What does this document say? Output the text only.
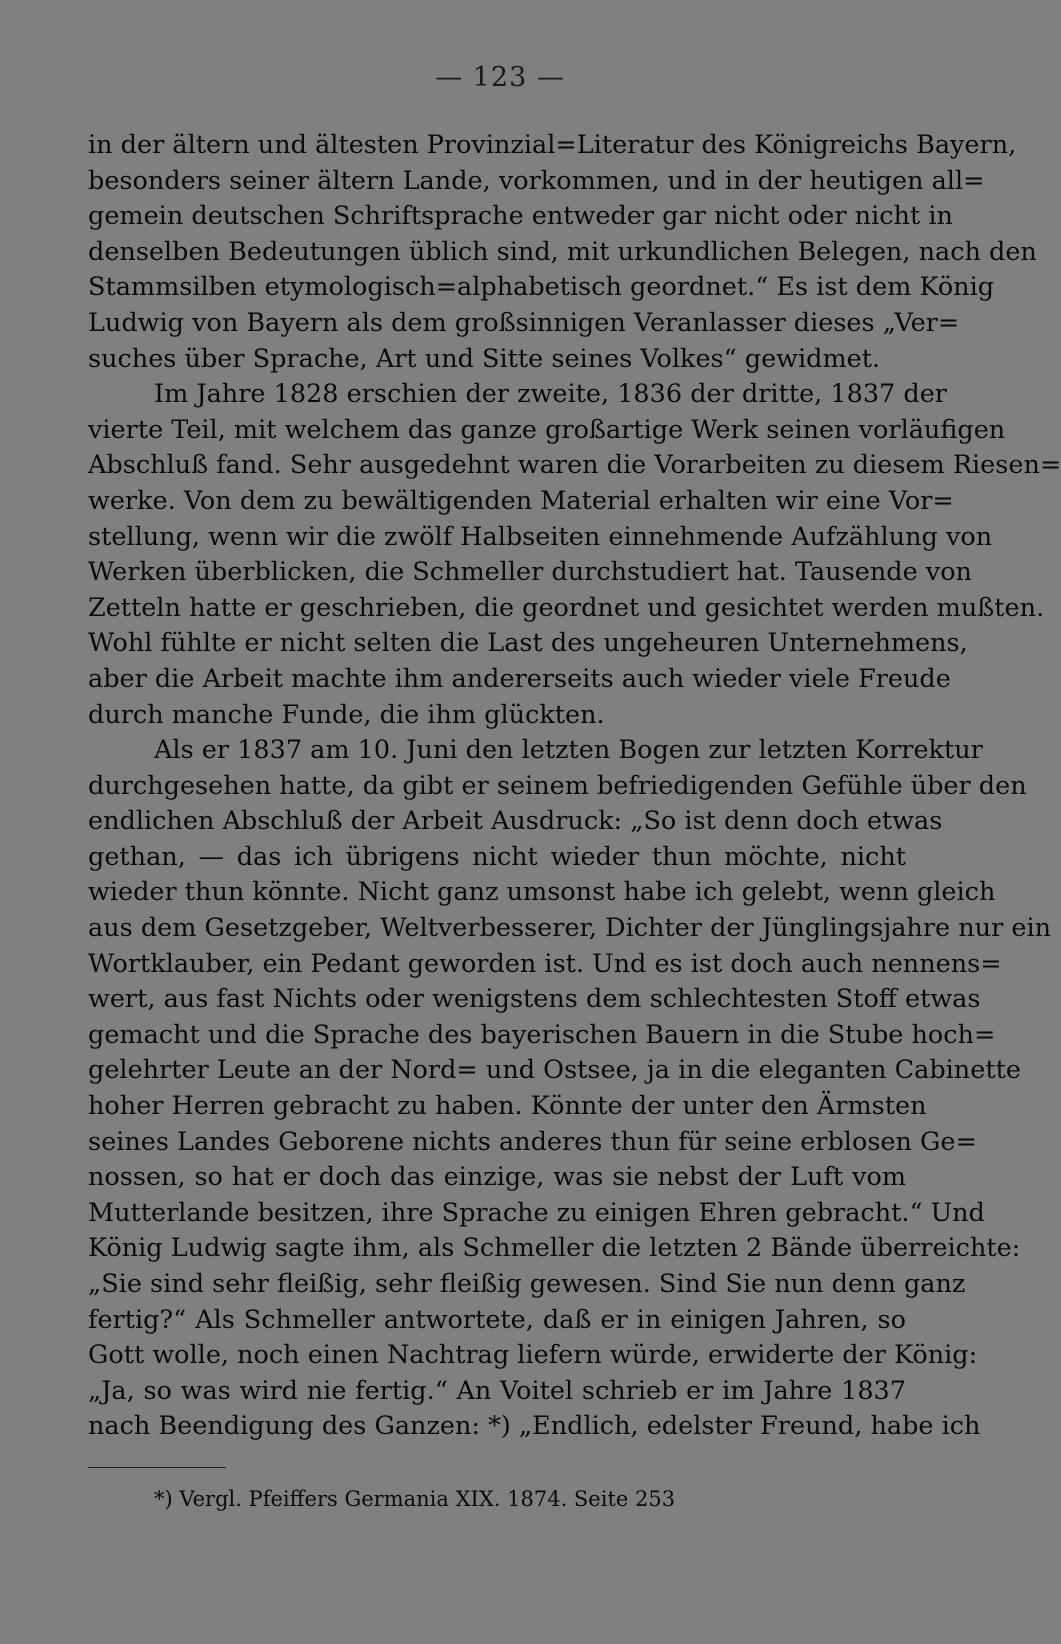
— 123 —
in der ältern und ältesten Provinzial=Literatur des Königreichs Bayern,
besonders seiner ältern Lande, vorkommen, und in der heutigen all=
gemein deutschen Schriftsprache entweder gar nicht oder nicht in
denselben Bedeutungen üblich sind, mit urkundlichen Belegen, nach den
Stammsilben etymologisch=alphabetisch geordnet.“ Es ist dem König
Ludwig von Bayern als dem großsinnigen Veranlasser dieses „Ver=
suches über Sprache, Art und Sitte seines Volkes“ gewidmet.
Im Jahre 1828 erschien der zweite, 1836 der dritte, 1837 der
vierte Teil, mit welchem das ganze großartige Werk seinen vorläufigen
Abschluß fand. Sehr ausgedehnt waren die Vorarbeiten zu diesem Riesen=
werke. Von dem zu bewältigenden Material erhalten wir eine Vor=
stellung, wenn wir die zwölf Halbseiten einnehmende Aufzählung von
Werken überblicken, die Schmeller durchstudiert hat. Tausende von
Zetteln hatte er geschrieben, die geordnet und gesichtet werden mußten.
Wohl fühlte er nicht selten die Last des ungeheuren Unternehmens,
aber die Arbeit machte ihm andererseits auch wieder viele Freude
durch manche Funde, die ihm glückten.
Als er 1837 am 10. Juni den letzten Bogen zur letzten Korrektur
durchgesehen hatte, da gibt er seinem befriedigenden Gefühle über den
endlichen Abschluß der Arbeit Ausdruck: „So ist denn doch etwas
gethan, — das ich übrigens nicht wieder thun möchte, nicht
wieder thun könnte. Nicht ganz umsonst habe ich gelebt, wenn gleich
aus dem Gesetzgeber, Weltverbesserer, Dichter der Jünglingsjahre nur ein
Wortklauber, ein Pedant geworden ist. Und es ist doch auch nennens=
wert, aus fast Nichts oder wenigstens dem schlechtesten Stoff etwas
gemacht und die Sprache des bayerischen Bauern in die Stube hoch=
gelehrter Leute an der Nord= und Ostsee, ja in die eleganten Cabinette
hoher Herren gebracht zu haben. Könnte der unter den Ärmsten
seines Landes Geborene nichts anderes thun für seine erblosen Ge=
nossen, so hat er doch das einzige, was sie nebst der Luft vom
Mutterlande besitzen, ihre Sprache zu einigen Ehren gebracht.“ Und
König Ludwig sagte ihm, als Schmeller die letzten 2 Bände überreichte:
„Sie sind sehr fleißig, sehr fleißig gewesen. Sind Sie nun denn ganz
fertig?“ Als Schmeller antwortete, daß er in einigen Jahren, so
Gott wolle, noch einen Nachtrag liefern würde, erwiderte der König:
„Ja, so was wird nie fertig.“ An Voitel schrieb er im Jahre 1837
nach Beendigung des Ganzen: *) „Endlich, edelster Freund, habe ich
*) Vergl. Pfeiffers Germania XIX. 1874. Seite 253
